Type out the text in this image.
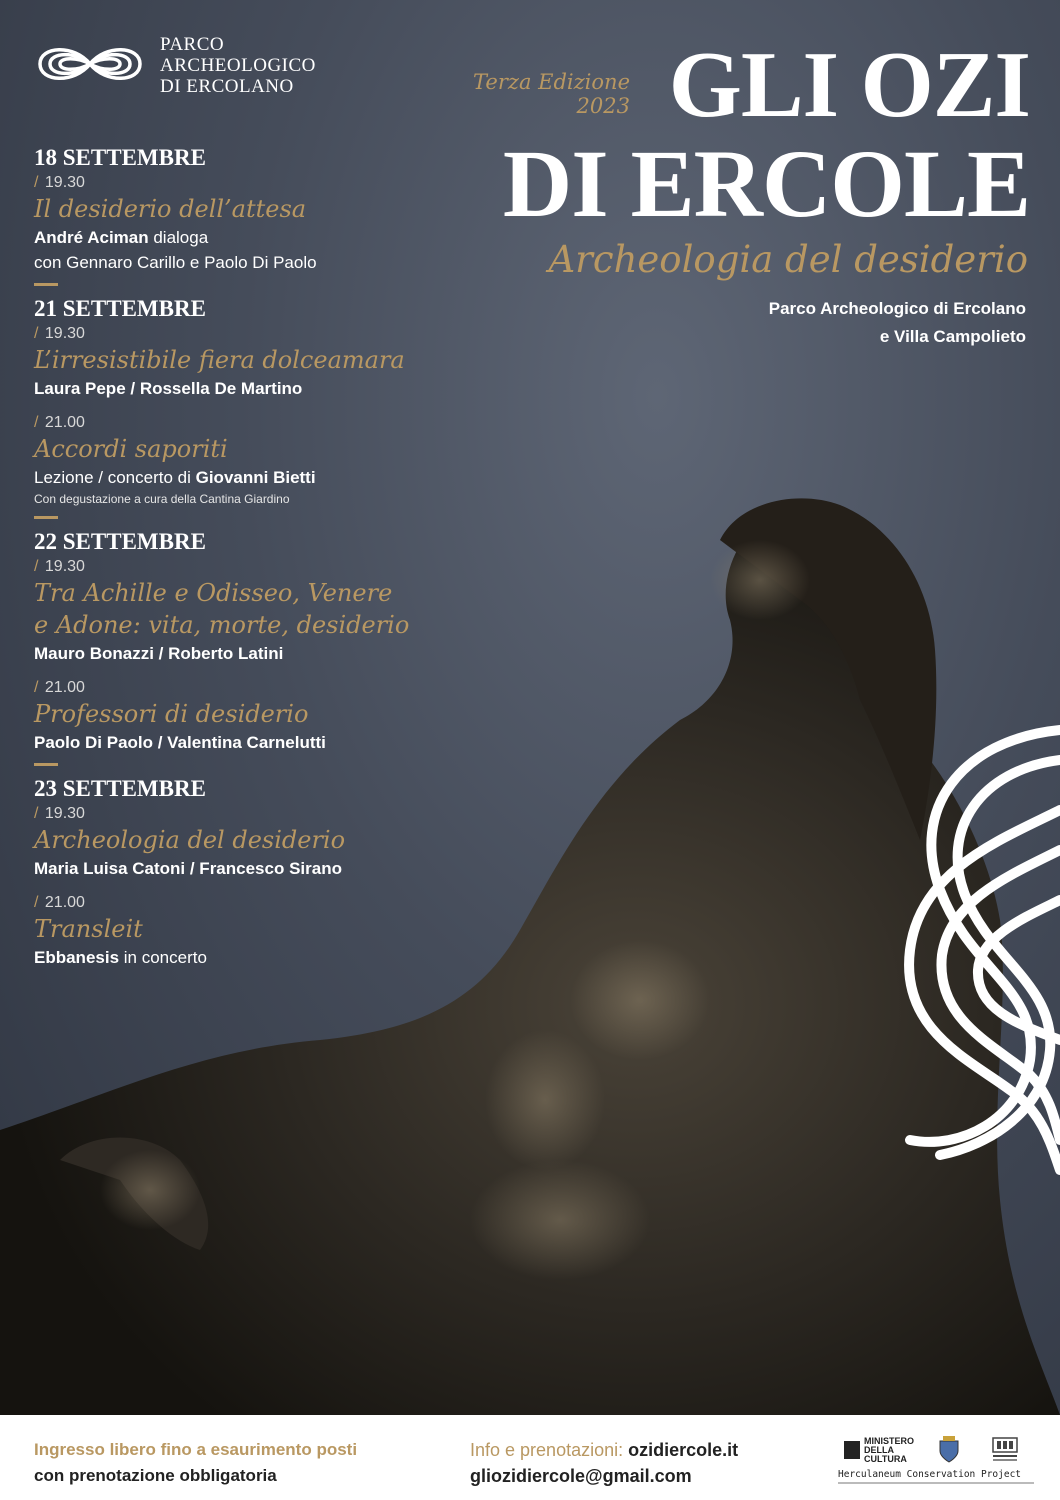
PARCO
ARCHEOLOGICO
DI ERCOLANO	Terza Edizione
2023 GLI OZI
DI ERCOLE
Archeologia del desiderio
Parco Archeologico di Ercolano
e Villa Campolieto
18 SETTEMBRE
/ 19.30
Il desiderio dell’attesa
André Aciman dialoga
con Gennaro Carillo e Paolo Di Paolo
21 SETTEMBRE
/ 19.30
L’irresistibile fiera dolceamara
Laura Pepe / Rossella De Martino
/ 21.00
Accordi saporiti
Lezione / concerto di Giovanni Bietti
Con degustazione a cura della Cantina Giardino
22 SETTEMBRE
/ 19.30
Tra Achille e Odisseo, Venere
e Adone: vita, morte, desiderio
Mauro Bonazzi / Roberto Latini
/ 21.00
Professori di desiderio
Paolo Di Paolo / Valentina Carnelutti
23 SETTEMBRE
/ 19.30
Archeologia del desiderio
Maria Luisa Catoni / Francesco Sirano
/ 21.00
Transleit
Ebbanesis in concerto
Ingresso libero fino a esaurimento posti
con prenotazione obbligatoria
Info e prenotazioni: ozidiercole.it
gliozidiercole@gmail.com
MINISTERO
DELLA
CULTURA
Herculaneum Conservation Project
